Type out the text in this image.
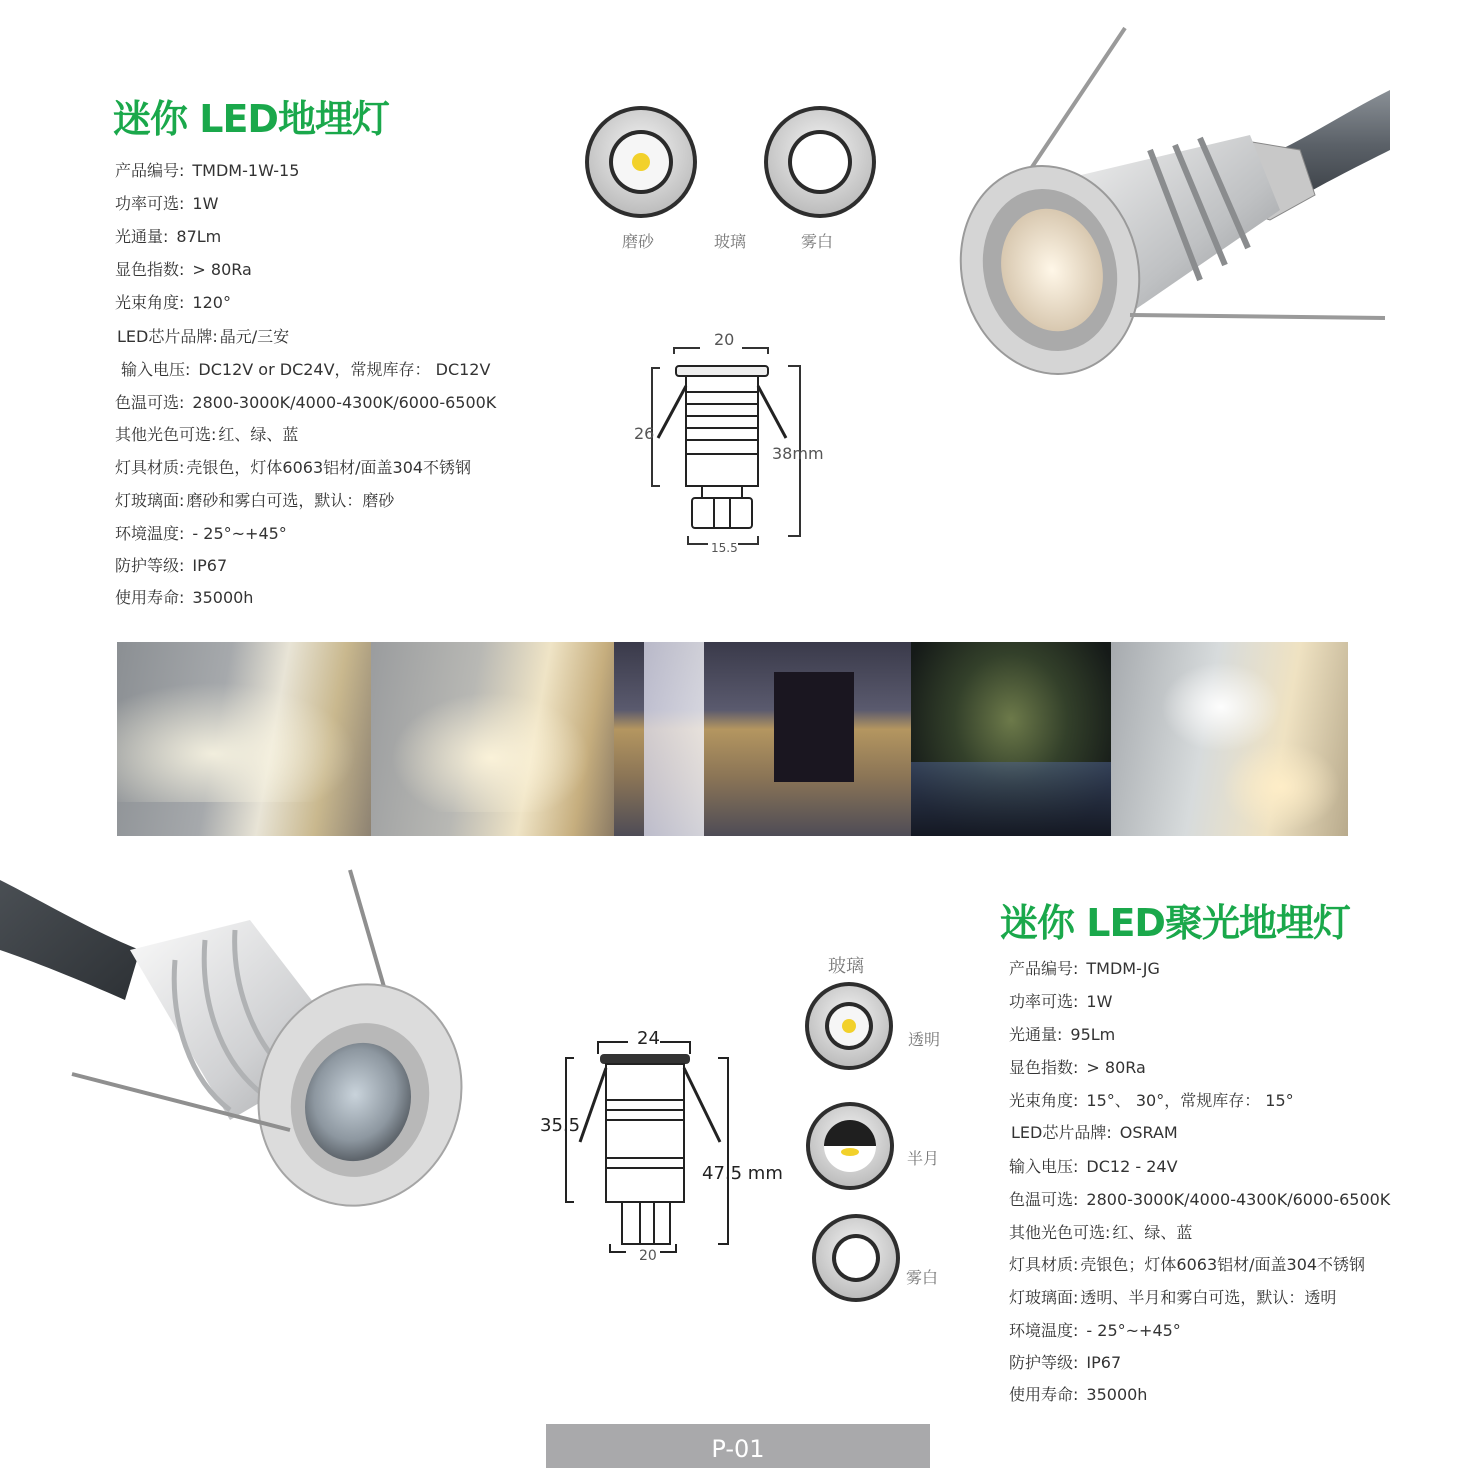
迷你 LED地埋灯
产品编号: TMDM-1W-15
功率可选: 1W
光通量: 87Lm
显色指数: > 80Ra
光束角度: 120°
LED芯片品牌: 晶元/三安
输入电压: DC12V or DC24V，常规库存： DC12V
色温可选: 2800-3000K/4000-4300K/6000-6500K
其他光色可选: 红、绿、蓝
灯具材质: 壳银色，灯体6063铝材/面盖304不锈钢
灯玻璃面: 磨砂和雾白可选，默认：磨砂
环境温度: - 25°~+45°
防护等级: IP67
使用寿命: 35000h
磨砂	玻璃	雾白
20
26
38mm
15.5
24
35.5
47.5 mm
20
玻璃
透明
半月
雾白
迷你 LED聚光地埋灯
产品编号: TMDM-JG
功率可选: 1W
光通量: 95Lm
显色指数: > 80Ra
光束角度: 15°、 30°，常规库存： 15°
LED芯片品牌: OSRAM
输入电压: DC12 - 24V
色温可选: 2800-3000K/4000-4300K/6000-6500K
其他光色可选: 红、绿、蓝
灯具材质: 壳银色；灯体6063铝材/面盖304不锈钢
灯玻璃面: 透明、半月和雾白可选，默认：透明
环境温度: - 25°~+45°
防护等级: IP67
使用寿命: 35000h
P-01
